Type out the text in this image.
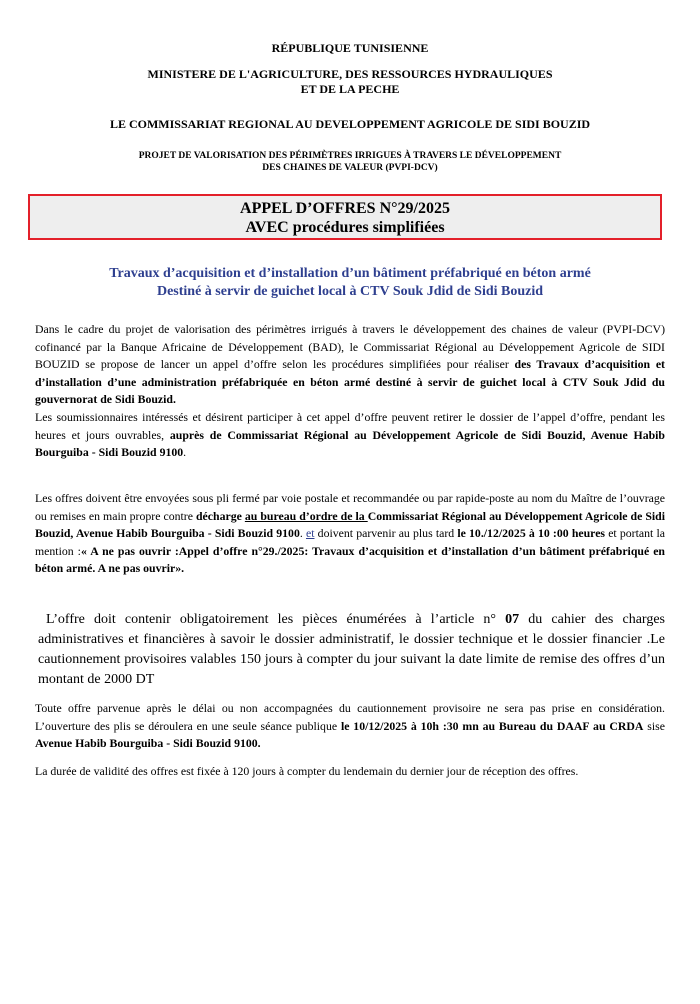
RÉPUBLIQUE TUNISIENNE

MINISTERE DE L'AGRICULTURE, DES RESSOURCES HYDRAULIQUES
ET DE LA PECHE

LE COMMISSARIAT REGIONAL AU DEVELOPPEMENT AGRICOLE DE SIDI BOUZID

PROJET DE VALORISATION DES PÉRIMÈTRES IRRIGUES À TRAVERS LE DÉVELOPPEMENT
DES CHAINES DE VALEUR (PVPI-DCV)
APPEL D’OFFRES N°29/2025
AVEC procédures simplifiées
Travaux d’acquisition et d’installation d’un bâtiment préfabriqué en béton armé
Destiné à servir de guichet local à CTV Souk Jdid de Sidi Bouzid

Dans le cadre du projet de valorisation des périmètres irrigués à travers le développement des chaines de valeur (PVPI-DCV) cofinancé par la Banque Africaine de Développement (BAD), le Commissariat Régional au Développement Agricole de SIDI BOUZID se propose de lancer un appel d’offre selon les procédures simplifiées pour réaliser des Travaux d’acquisition et d’installation d’une administration préfabriquée en béton armé destiné à servir de guichet local à CTV Souk Jdid du gouvernorat de Sidi Bouzid.
Les soumissionnaires intéressés et désirent participer à cet appel d’offre peuvent retirer le dossier de l’appel d’offre, pendant les heures et jours ouvrables, auprès de Commissariat Régional au Développement Agricole de Sidi Bouzid, Avenue Habib Bourguiba - Sidi Bouzid 9100.

Les offres doivent être envoyées sous pli fermé par voie postale et recommandée ou par rapide-poste au nom du Maître de l’ouvrage ou remises en main propre contre décharge au bureau d’ordre de la Commissariat Régional au Développement Agricole de Sidi Bouzid, Avenue Habib Bourguiba - Sidi Bouzid 9100. et doivent parvenir au plus tard le 10./12/2025 à 10 :00 heures et portant la mention :« A ne pas ouvrir :Appel d’offre n°29./2025: Travaux d’acquisition et d’installation d’un bâtiment préfabriqué en béton armé. A ne pas ouvrir».

L’offre doit contenir obligatoirement les pièces énumérées à l’article n° 07 du cahier des charges administratives et financières à savoir le dossier administratif, le dossier technique et le dossier financier .Le cautionnement provisoires valables 150 jours à compter du jour suivant la date limite de remise des offres d’un montant de 2000 DT

Toute offre parvenue après le délai ou non accompagnées du cautionnement provisoire ne sera pas prise en considération. L’ouverture des plis se déroulera en une seule séance publique le 10/12/2025 à 10h :30 mn au Bureau du DAAF au CRDA sise Avenue Habib Bourguiba - Sidi Bouzid 9100.

La durée de validité des offres est fixée à 120 jours à compter du lendemain du dernier jour de réception des offres.
